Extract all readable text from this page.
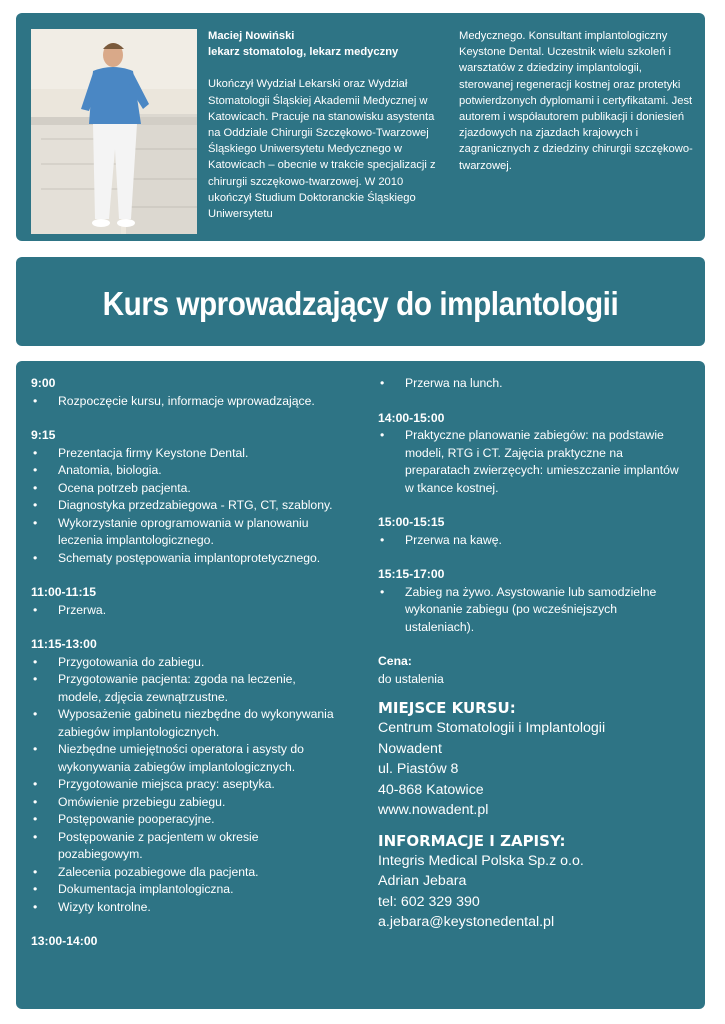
Maciej Nowiński
lekarz stomatolog, lekarz medyczny
Ukończył Wydział Lekarski oraz Wydział Stomatologii Śląskiej Akademii Medycznej w Katowicach. Pracuje na stanowisku asystenta na Oddziale Chirurgii Szczękowo-Twarzowej Śląskiego Uniwersytetu Medycznego w Katowicach – obecnie w trakcie specjalizacji z chirurgii szczękowo-twarzowej. W 2010 ukończył Studium Doktoranckie Śląskiego Uniwersytetu
Medycznego. Konsultant implantologiczny Keystone Dental. Uczestnik wielu szkoleń i warsztatów z dziedziny implantologii, sterowanej regeneracji kostnej oraz protetyki potwierdzonych dyplomami i certyfikatami. Jest autorem i współautorem publikacji i doniesień zjazdowych na zjazdach krajowych i zagranicznych z dziedziny chirurgii szczękowo-twarzowej.
Kurs wprowadzający do implantologii
9:00
• Rozpoczęcie kursu, informacje wprowadzające.
9:15
• Prezentacja firmy Keystone Dental.
• Anatomia, biologia.
• Ocena potrzeb pacjenta.
• Diagnostyka przedzabiegowa - RTG, CT, szablony.
• Wykorzystanie oprogramowania w planowaniu leczenia implantologicznego.
• Schematy postępowania implantoprotetycznego.
11:00-11:15
• Przerwa.
11:15-13:00
• Przygotowania do zabiegu.
• Przygotowanie pacjenta: zgoda na leczenie, modele, zdjęcia zewnątrzustne.
• Wyposażenie gabinetu niezbędne do wykonywania zabiegów implantologicznych.
• Niezbędne umiejętności operatora i asysty do wykonywania zabiegów implantologicznych.
• Przygotowanie miejsca pracy: aseptyka.
• Omówienie przebiegu zabiegu.
• Postępowanie pooperacyjne.
• Postępowanie z pacjentem w okresie pozabiegowym.
• Zalecenia pozabiegowe dla pacjenta.
• Dokumentacja implantologiczna.
• Wizyty kontrolne.
13:00-14:00
• Przerwa na lunch.
14:00-15:00
• Praktyczne planowanie zabiegów: na podstawie modeli, RTG i CT. Zajęcia praktyczne na preparatach zwierzęcych: umieszczanie implantów w tkance kostnej.
15:00-15:15
• Przerwa na kawę.
15:15-17:00
• Zabieg na żywo. Asystowanie lub samodzielne wykonanie zabiegu (po wcześniejszych ustaleniach).
Cena:
do ustalenia
MIEJSCE KURSU:
Centrum Stomatologii i Implantologii
Nowadent
ul. Piastów 8
40-868 Katowice
www.nowadent.pl
INFORMACJE I ZAPISY:
Integris Medical Polska Sp.z o.o.
Adrian Jebara
tel: 602 329 390
a.jebara@keystonedental.pl
